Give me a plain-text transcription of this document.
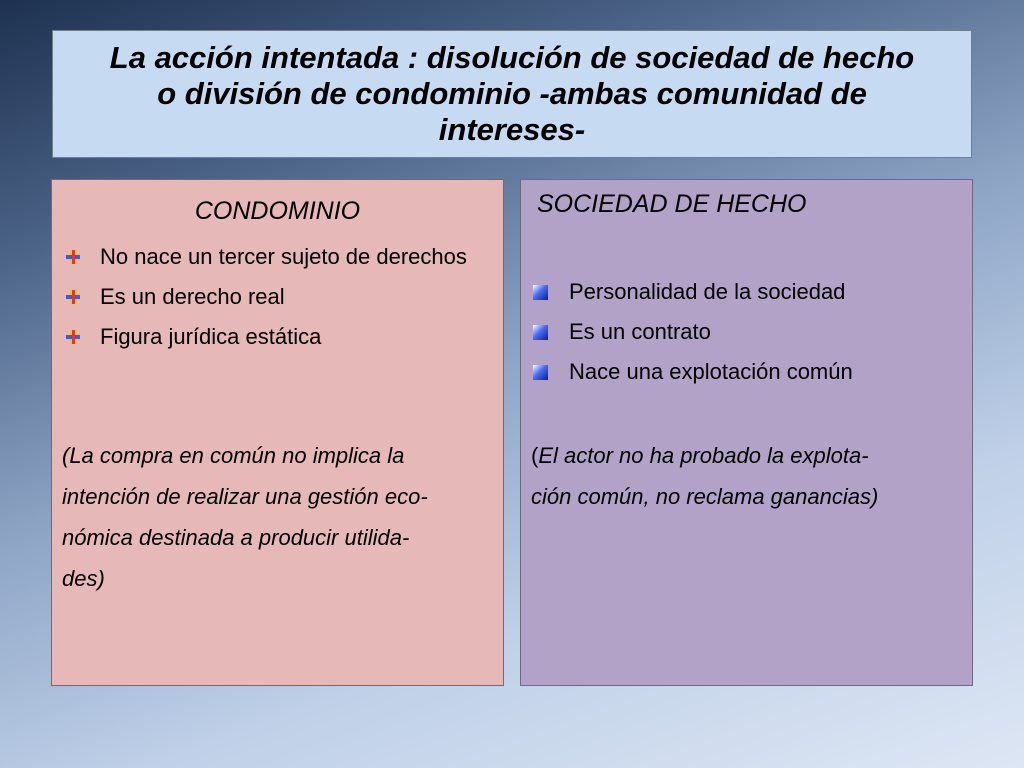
La acción intentada : disolución de sociedad de hecho
o división de condominio -ambas comunidad de
intereses-
CONDOMINIO
No nace un tercer sujeto de derechos
Es un derecho real
Figura jurídica estática
(La compra en común no implica la
intención de realizar una gestión eco-
nómica destinada a producir utilida-
des)
SOCIEDAD DE HECHO
Personalidad de la sociedad
Es un contrato
Nace una explotación común
(El actor no ha probado la explota-
ción común, no reclama ganancias)
